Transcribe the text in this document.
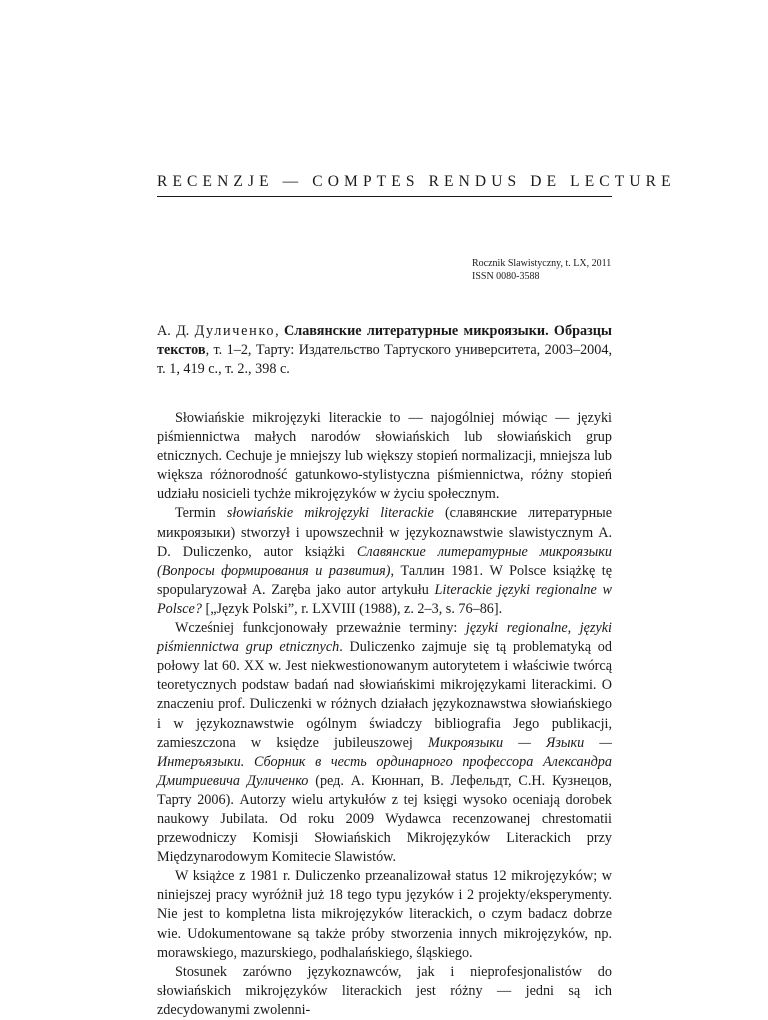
RECENZJE — COMPTES RENDUS DE LECTURE
Rocznik Slawistyczny, t. LX, 2011
ISSN 0080-3588
А. Д. Дуличенко, Славянские литературные микроязыки. Образцы текстов, т. 1–2, Тарту: Издательство Тартуского университета, 2003–2004, т. 1, 419 с., т. 2., 398 с.

Słowiańskie mikrojęzyki literackie to — najogólniej mówiąc — języki piśmiennictwa małych narodów słowiańskich lub słowiańskich grup etnicznych. Cechuje je mniejszy lub większy stopień normalizacji, mniejsza lub większa różnorodność gatunkowo-stylistyczna piśmiennictwa, różny stopień udziału nosicieli tychże mikrojęzyków w życiu społecznym.

Termin słowiańskie mikrojęzyki literackie (славянские литературные микроязыки) stworzył i upowszechnił w językoznawstwie slawistycznym A. D. Duliczenko, autor książki Славянские литературные микроязыки (Вопросы формирования и развития), Таллин 1981. W Polsce książkę tę spopularyzował A. Zaręba jako autor artykułu Literackie języki regionalne w Polsce? [„Język Polski”, r. LXVIII (1988), z. 2–3, s. 76–86].

Wcześniej funkcjonowały przeważnie terminy: języki regionalne, języki piśmiennictwa grup etnicznych. Duliczenko zajmuje się tą problematyką od połowy lat 60. XX w. Jest niekwestionowanym autorytetem i właściwie twórcą teoretycznych podstaw badań nad słowiańskimi mikrojęzykami literackimi. O znaczeniu prof. Duliczenki w różnych działach językoznawstwa słowiańskiego i w językoznawstwie ogólnym świadczy bibliografia Jego publikacji, zamieszczona w księdze jubileuszowej Микроязыки — Языки — Интеръязыки. Сборник в честь ординарного профессора Александра Дмитриевича Дуличенко (ред. А. Кюннап, В. Лефельдт, С.Н. Кузнецов, Тарту 2006). Autorzy wielu artykułów z tej księgi wysoko oceniają dorobek naukowy Jubilata. Od roku 2009 Wydawca recenzowanej chrestomatii przewodniczy Komisji Słowiańskich Mikrojęzyków Literackich przy Międzynarodowym Komitecie Slawistów.

W książce z 1981 r. Duliczenko przeanalizował status 12 mikrojęzyków; w niniejszej pracy wyróżnił już 18 tego typu języków i 2 projekty/eksperymenty. Nie jest to kompletna lista mikrojęzyków literackich, o czym badacz dobrze wie. Udokumentowane są także próby stworzenia innych mikrojęzyków, np. morawskiego, mazurskiego, podhalańskiego, śląskiego.

Stosunek zarówno językoznawców, jak i nieprofesjonalistów do słowiańskich mikrojęzyków literackich jest różny — jedni są ich zdecydowanymi zwolenni-
